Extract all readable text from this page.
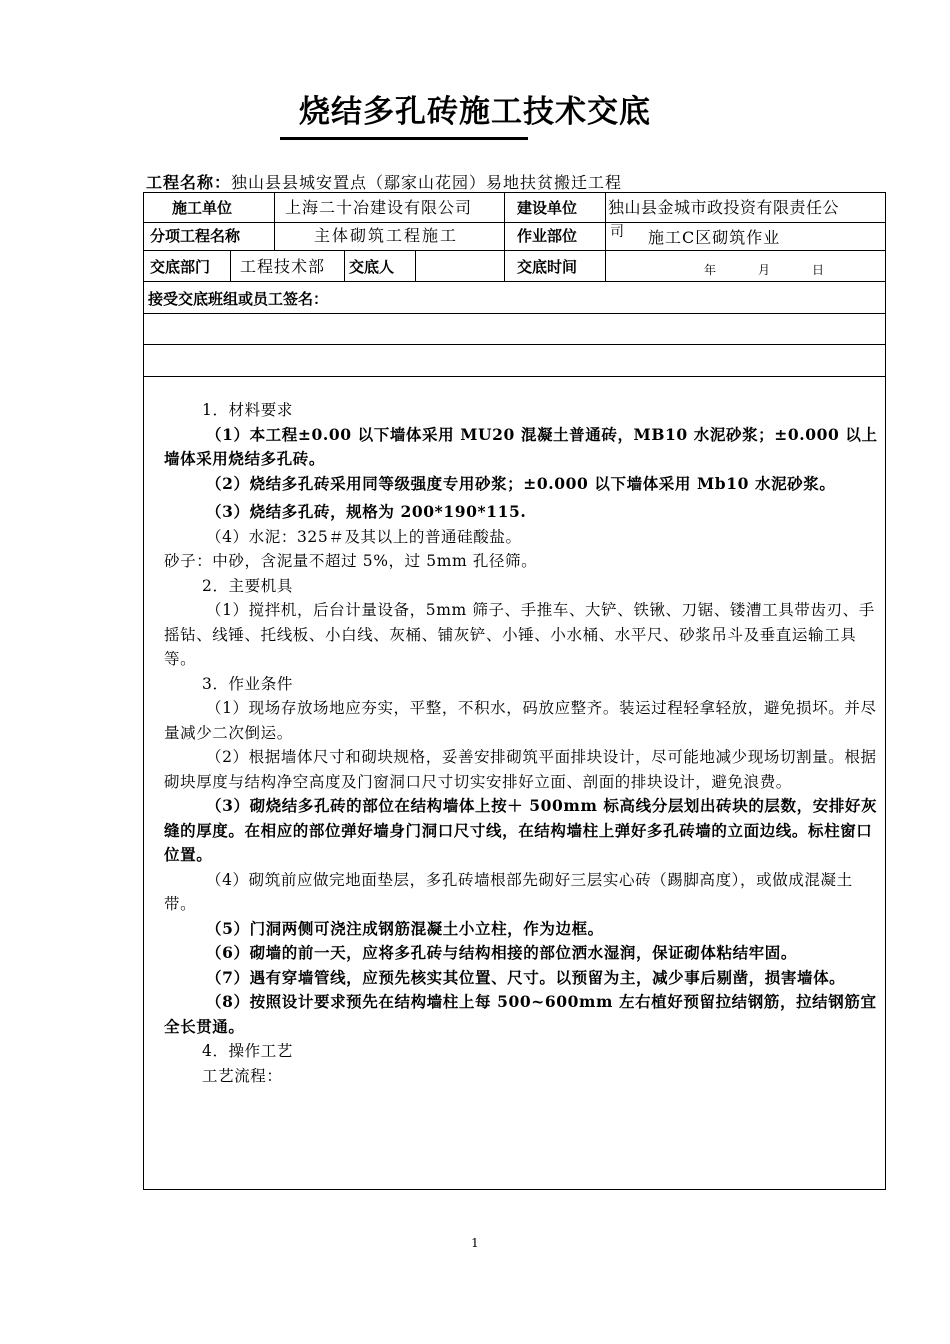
烧结多孔砖施工技术交底
工程名称：独山县县城安置点（鄢家山花园）易地扶贫搬迁工程
施工单位	上海二十冶建设有限公司	建设单位 独山县金城市政投资有限责任公
分项工程名称	主体砌筑工程施工	作业部位 司 施工C区砌筑作业
交底部门 工程技术部 交底人	交底时间	年　　月　　日
接受交底班组或员工签名：

1．材料要求

（1）本工程±0.00 以下墙体采用 MU20 混凝土普通砖，MB10 水泥砂浆；±0.000 以上墙体采用烧结多孔砖。

（2）烧结多孔砖采用同等级强度专用砂浆；±0.000 以下墙体采用 Mb10 水泥砂浆。

（3）烧结多孔砖，规格为 200*190*115.

（4）水泥：325＃及其以上的普通硅酸盐。

砂子：中砂，含泥量不超过 5%，过 5mm 孔径筛。

2．主要机具

（1）搅拌机，后台计量设备，5mm 筛子、手推车、大铲、铁锹、刀锯、镂漕工具带齿刃、手摇钻、线锤、托线板、小白线、灰桶、铺灰铲、小锤、小水桶、水平尺、砂浆吊斗及垂直运输工具等。

3．作业条件

（1）现场存放场地应夯实，平整，不积水，码放应整齐。装运过程轻拿轻放，避免损坏。并尽量减少二次倒运。

（2）根据墙体尺寸和砌块规格，妥善安排砌筑平面排块设计，尽可能地减少现场切割量。根据砌块厚度与结构净空高度及门窗洞口尺寸切实安排好立面、剖面的排块设计，避免浪费。

（3）砌烧结多孔砖的部位在结构墙体上按＋ 500mm 标高线分层划出砖块的层数，安排好灰缝的厚度。在相应的部位弹好墙身门洞口尺寸线，在结构墙柱上弹好多孔砖墙的立面边线。标柱窗口位置。

（4）砌筑前应做完地面垫层，多孔砖墙根部先砌好三层实心砖（踢脚高度），或做成混凝土带。

（5）门洞两侧可浇注成钢筋混凝土小立柱，作为边框。

（6）砌墙的前一天，应将多孔砖与结构相接的部位洒水湿润，保证砌体粘结牢固。

（7）遇有穿墙管线，应预先核实其位置、尺寸。以预留为主，减少事后剔凿，损害墙体。

（8）按照设计要求预先在结构墙柱上每 500~600mm 左右植好预留拉结钢筋，拉结钢筋宜全长贯通。

4．操作工艺

工艺流程：

1
